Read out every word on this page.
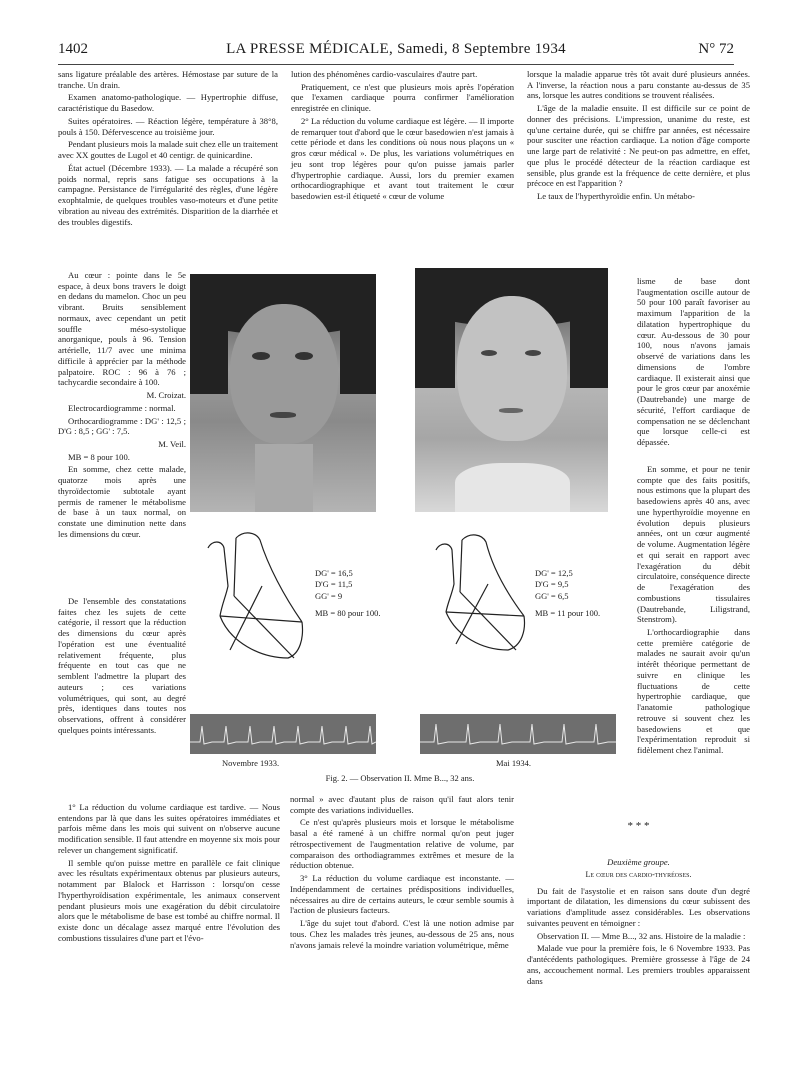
1402	LA PRESSE MÉDICALE, Samedi, 8 Septembre 1934	N° 72

sans ligature préalable des artères. Hémostase par suture de la tranche. Un drain.

Examen anatomo-pathologique. — Hypertrophie diffuse, caractéristique du Basedow.

Suites opératoires. — Réaction légère, température à 38°8, pouls à 150. Défervescence au troisième jour.

Pendant plusieurs mois la malade suit chez elle un traitement avec XX gouttes de Lugol et 40 centigr. de quinicardine.

État actuel (Décembre 1933). — La malade a récupéré son poids normal, repris sans fatigue ses occupations à la campagne. Persistance de l'irrégularité des règles, d'une légère exophtalmie, de quelques troubles vaso-moteurs et d'une petite vibration au niveau des extrémités. Disparition de la diarrhée et des troubles digestifs.

Au cœur : pointe dans le 5e espace, à deux bons travers le doigt en dedans du mamelon. Choc un peu vibrant. Bruits sensiblement normaux, avec cependant un petit souffle méso-systolique anorganique, pouls à 96. Tension artérielle, 11/7 avec une minima difficile à apprécier par la méthode palpatoire. ROC : 96 à 76 ; tachycardie secondaire à 100.

M. Croizat.

Electrocardiogramme : normal.

Orthocardiogramme : DG' : 12,5 ; D'G : 8,5 ; GG' : 7,5.

M. Veil.

MB = 8 pour 100.

En somme, chez cette malade, quatorze mois après une thyroïdectomie subtotale ayant permis de ramener le métabolisme de base à un taux normal, on constate une diminution nette dans les dimensions du cœur.

De l'ensemble des constatations faites chez les sujets de cette catégorie, il ressort que la réduction des dimensions du cœur après l'opération est une éventualité relativement fréquente, plus fréquente en tout cas que ne semblent l'admettre la plupart des auteurs ; ces variations volumétriques, qui sont, au degré près, identiques dans toutes nos observations, offrent à considérer quelques points intéressants.

1° La réduction du volume cardiaque est tardive. — Nous entendons par là que dans les suites opératoires immédiates et parfois même dans les mois qui suivent on n'observe aucune modification sensible. Il faut attendre en moyenne six mois pour relever un changement significatif.

Il semble qu'on puisse mettre en parallèle ce fait clinique avec les résultats expérimentaux obtenus par plusieurs auteurs, notamment par Blalock et Harrisson : lorsqu'on cesse l'hyperthyroïdisation expérimentale, les animaux conservent pendant plusieurs mois une exagération du débit circulatoire alors que le métabolisme de base est tombé au chiffre normal. Il existe donc un décalage assez marqué entre l'évolution des combustions tissulaires d'une part et l'évo-

lution des phénomènes cardio-vasculaires d'autre part.

Pratiquement, ce n'est que plusieurs mois après l'opération que l'examen cardiaque pourra confirmer l'amélioration enregistrée en clinique.

2° La réduction du volume cardiaque est légère. — Il importe de remarquer tout d'abord que le cœur basedowien n'est jamais à cette période et dans les conditions où nous nous plaçons un « gros cœur médical ». De plus, les variations volumétriques en jeu sont trop légères pour qu'on puisse jamais parler d'hypertrophie cardiaque. Aussi, lors du premier examen orthocardiographique et avant tout traitement le cœur basedowien est-il étiqueté « cœur de volume

normal » avec d'autant plus de raison qu'il faut alors tenir compte des variations individuelles.

Ce n'est qu'après plusieurs mois et lorsque le métabolisme basal a été ramené à un chiffre normal qu'on peut juger rétrospectivement de l'augmentation relative de volume, par comparaison des orthodiagrammes extrêmes et mesure de la réduction obtenue.

3° La réduction du volume cardiaque est inconstante. — Indépendamment de certaines prédispositions individuelles, nécessaires au dire de certains auteurs, le cœur semble soumis à l'action de plusieurs facteurs.

L'âge du sujet tout d'abord. C'est là une notion admise par tous. Chez les malades très jeunes, au-dessous de 25 ans, nous n'avons jamais relevé la moindre variation volumétrique, même

lorsque la maladie apparue très tôt avait duré plusieurs années. A l'inverse, la réaction nous a paru constante au-dessus de 35 ans, lorsque les autres conditions se trouvent réalisées.

L'âge de la maladie ensuite. Il est difficile sur ce point de donner des précisions. L'impression, unanime du reste, est qu'une certaine durée, qui se chiffre par années, est nécessaire pour susciter une réaction cardiaque. La notion d'âge comporte une large part de relativité : Ne peut-on pas admettre, en effet, que plus le procédé détecteur de la réaction cardiaque est sensible, plus grande est la fréquence de cette dernière, et plus précoce en est l'apparition ?

Le taux de l'hyperthyroïdie enfin. Un métabo-

lisme de base dont l'augmentation oscille autour de 50 pour 100 paraît favoriser au maximum l'apparition de la dilatation hypertrophique du cœur. Au-dessous de 30 pour 100, nous n'avons jamais observé de variations dans les dimensions de l'ombre cardiaque. Il existerait ainsi que pour le gros cœur par anoxémie (Dautrebande) une marge de sécurité, l'effort cardiaque de compensation ne se déclenchant que lorsque celle-ci est dépassée.

En somme, et pour ne tenir compte que des faits positifs, nous estimons que la plupart des basedowiens après 40 ans, avec une hyperthyroïdie moyenne en évolution depuis plusieurs années, ont un cœur augmenté de volume. Augmentation légère et qui serait en rapport avec l'exagération du débit circulatoire, conséquence directe de l'exagération des combustions tissulaires (Dautrebande, Liligstrand, Stenstrom).

L'orthocardiographie dans cette première catégorie de malades ne saurait avoir qu'un intérêt théorique permettant de suivre en clinique les fluctuations de cette hypertrophie cardiaque, que l'anatomie pathologique retrouve si souvent chez les basedowiens et que l'expérimentation reproduit si fidèlement chez l'animal.

* * *

Deuxième groupe.

Le cœur des cardio-thyréoses.

Du fait de l'asystolie et en raison sans doute d'un degré important de dilatation, les dimensions du cœur subissent des variations d'amplitude assez considérables. Les observations suivantes peuvent en témoigner :

Observation II. — Mme B..., 32 ans. Histoire de la maladie :

Malade vue pour la première fois, le 6 Novembre 1933. Pas d'antécédents pathologiques. Première grossesse à l'âge de 24 ans, accouchement normal. Les premiers troubles apparaissent dans

DG' = 16,5
D'G = 11,5
GG' = 9
MB = 80 pour 100.
DG' = 12,5
D'G = 9,5
GG' = 6,5
MB = 11 pour 100.
Novembre 1933.	Mai 1934.
Fig. 2. — Observation II. Mme B..., 32 ans.
